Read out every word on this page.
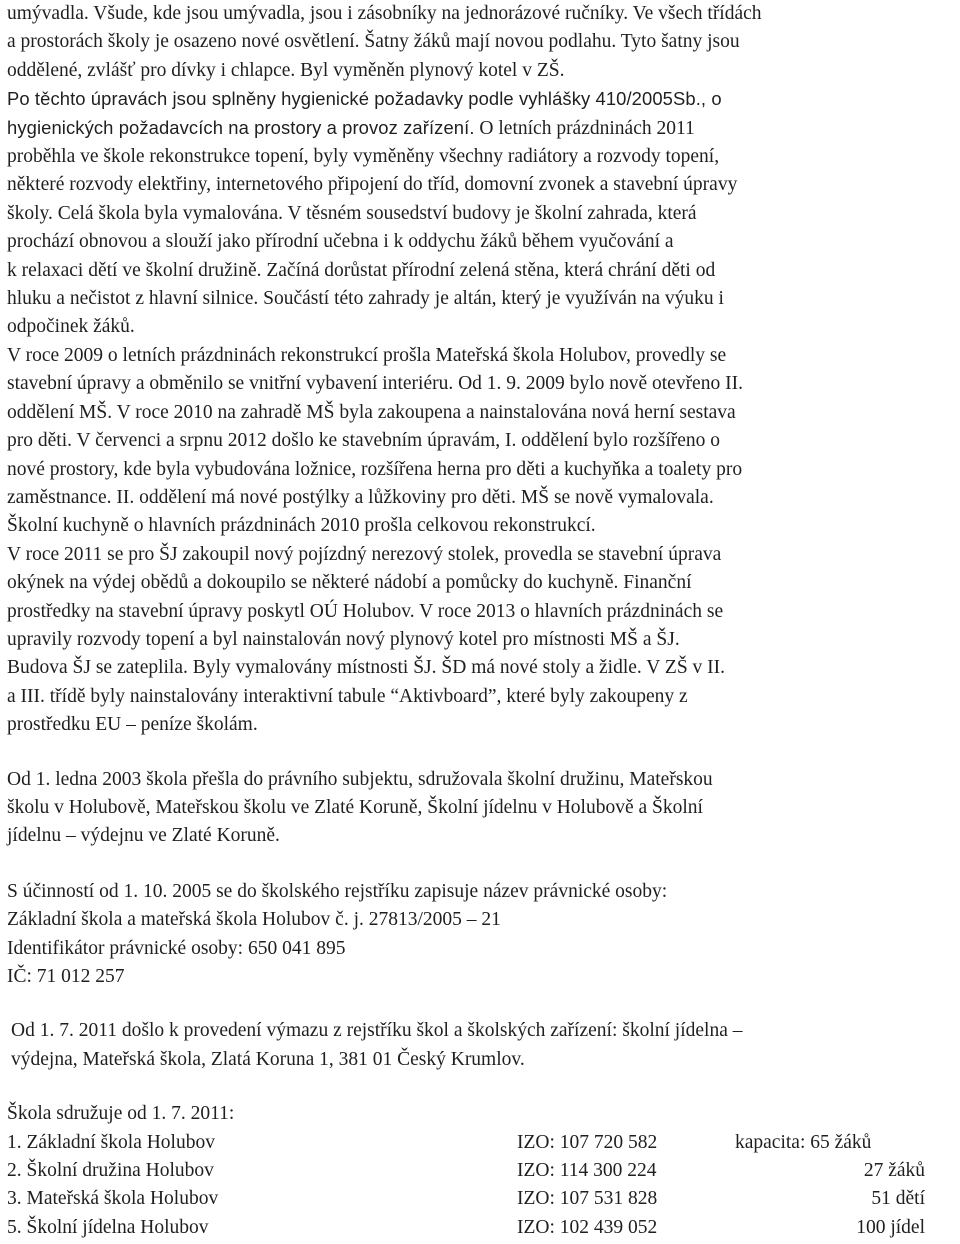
umývadla. Všude, kde jsou umývadla, jsou i zásobníky na jednorázové ručníky. Ve všech třídách
a prostorách školy je osazeno nové osvětlení. Šatny žáků mají novou podlahu. Tyto šatny jsou
oddělené, zvlášť pro dívky i chlapce. Byl vyměněn plynový kotel v ZŠ.

Po těchto úpravách jsou splněny hygienické požadavky podle vyhlášky 410/2005Sb., o
hygienických požadavcích na prostory a provoz zařízení. O letních prázdninách 2011
proběhla ve škole rekonstrukce topení, byly vyměněny všechny radiátory a rozvody topení,
některé rozvody elektřiny, internetového připojení do tříd, domovní zvonek a stavební úpravy
školy. Celá škola byla vymalována. V těsném sousedství budovy je školní zahrada, která
prochází obnovou a slouží jako přírodní učebna i k oddychu žáků během vyučování a
k relaxaci dětí ve školní družině. Začíná dorůstat přírodní zelená stěna, která chrání děti od
hluku a nečistot z hlavní silnice. Součástí této zahrady je altán, který je využíván na výuku i
odpočinek žáků.

V roce 2009 o letních prázdninách rekonstrukcí prošla Mateřská škola Holubov, provedly se
stavební úpravy a obměnilo se vnitřní vybavení interiéru. Od 1. 9. 2009 bylo nově otevřeno II.
oddělení MŠ. V roce 2010 na zahradě MŠ byla zakoupena a nainstalována nová herní sestava
pro děti. V červenci a srpnu 2012 došlo ke stavebním úpravám, I. oddělení bylo rozšířeno o
nové prostory, kde byla vybudována ložnice, rozšířena herna pro děti a kuchyňka a toalety pro
zaměstnance. II. oddělení má nové postýlky a lůžkoviny pro děti. MŠ se nově vymalovala.
Školní kuchyně o hlavních prázdninách 2010 prošla celkovou rekonstrukcí.
V roce 2011 se pro ŠJ zakoupil nový pojízdný nerezový stolek, provedla se stavební úprava
okýnek na výdej obědů a dokoupilo se některé nádobí a pomůcky do kuchyně. Finanční
prostředky na stavební úpravy poskytl OÚ Holubov. V roce 2013 o hlavních prázdninách se
upravily rozvody topení a byl nainstalován nový plynový kotel pro místnosti MŠ a ŠJ.
Budova ŠJ se zateplila. Byly vymalovány místnosti ŠJ. ŠD má nové stoly a židle. V ZŠ v II.
a III. třídě byly nainstalovány interaktivní tabule “Aktivboard”, které byly zakoupeny z
prostředku EU – peníze školám.

Od 1. ledna 2003 škola přešla do právního subjektu, sdružovala školní družinu, Mateřskou
školu v Holubově, Mateřskou školu ve Zlaté Koruně, Školní jídelnu v Holubově a Školní
jídelnu – výdejnu ve Zlaté Koruně.

S účinností od 1. 10. 2005 se do školského rejstříku zapisuje název právnické osoby:
Základní škola a mateřská škola Holubov č. j. 27813/2005 – 21
Identifikátor právnické osoby: 650 041 895
IČ: 71 012 257

Od 1. 7. 2011 došlo k provedení výmazu z rejstříku škol a školských zařízení: školní jídelna –
výdejna, Mateřská škola, Zlatá Koruna 1, 381 01 Český Krumlov.

Škola sdružuje od 1. 7. 2011:

1. Základní škola Holubov	IZO: 107 720 582	kapacita: 65 žáků
2. Školní družina Holubov	IZO: 114 300 224	27 žáků
3. Mateřská škola Holubov	IZO: 107 531 828	51 dětí
5. Školní jídelna Holubov	IZO: 102 439 052	100 jídel
